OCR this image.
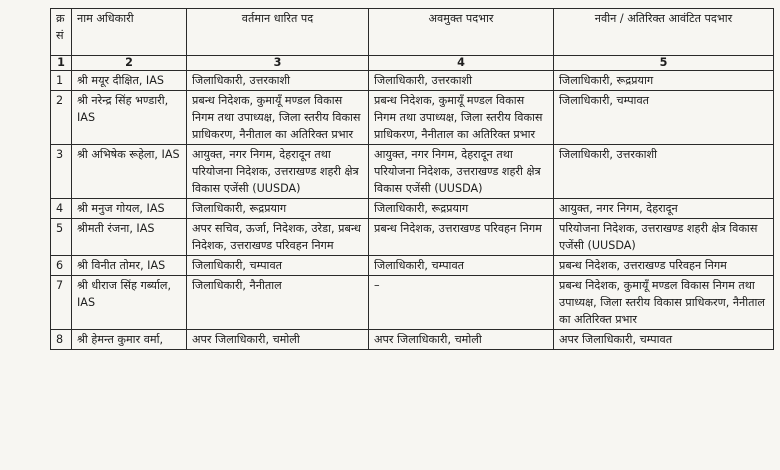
क्र सं	नाम अधिकारी	वर्तमान धारित पद	अवमुक्त पदभार	नवीन / अतिरिक्त आवंटित पदभार
1	2	3	4	5
1	श्री मयूर दीक्षित, IAS	जिलाधिकारी, उत्तरकाशी	जिलाधिकारी, उत्तरकाशी	जिलाधिकारी, रूद्रप्रयाग
2	श्री नरेन्द्र सिंह भण्डारी, IAS	प्रबन्ध निदेशक, कुमायूँ मण्डल विकास निगम तथा उपाध्यक्ष, जिला स्तरीय विकास प्राधिकरण, नैनीताल का अतिरिक्त प्रभार	प्रबन्ध निदेशक, कुमायूँ मण्डल विकास निगम तथा उपाध्यक्ष, जिला स्तरीय विकास प्राधिकरण, नैनीताल का अतिरिक्त प्रभार	जिलाधिकारी, चम्पावत
3	श्री अभिषेक रूहेला, IAS	आयुक्त, नगर निगम, देहरादून तथा परियोजना निदेशक, उत्तराखण्ड शहरी क्षेत्र विकास एजेंसी (UUSDA)	आयुक्त, नगर निगम, देहरादून तथा परियोजना निदेशक, उत्तराखण्ड शहरी क्षेत्र विकास एजेंसी (UUSDA)	जिलाधिकारी, उत्तरकाशी
4	श्री मनुज गोयल, IAS	जिलाधिकारी, रूद्रप्रयाग	जिलाधिकारी, रूद्रप्रयाग	आयुक्त, नगर निगम, देहरादून
5	श्रीमती रंजना, IAS	अपर सचिव, ऊर्जा, निदेशक, उरेडा, प्रबन्ध निदेशक, उत्तराखण्ड परिवहन निगम	प्रबन्ध निदेशक, उत्तराखण्ड परिवहन निगम	परियोजना निदेशक, उत्तराखण्ड शहरी क्षेत्र विकास एजेंसी (UUSDA)
6	श्री विनीत तोमर, IAS	जिलाधिकारी, चम्पावत	जिलाधिकारी, चम्पावत	प्रबन्ध निदेशक, उत्तराखण्ड परिवहन निगम
7	श्री धीराज सिंह गर्ब्याल, IAS	जिलाधिकारी, नैनीताल	–	प्रबन्ध निदेशक, कुमायूँ मण्डल विकास निगम तथा उपाध्यक्ष, जिला स्तरीय विकास प्राधिकरण, नैनीताल का अतिरिक्त प्रभार
8	श्री हेमन्त कुमार वर्मा,	अपर जिलाधिकारी, चमोली	अपर जिलाधिकारी, चमोली	अपर जिलाधिकारी, चम्पावत
